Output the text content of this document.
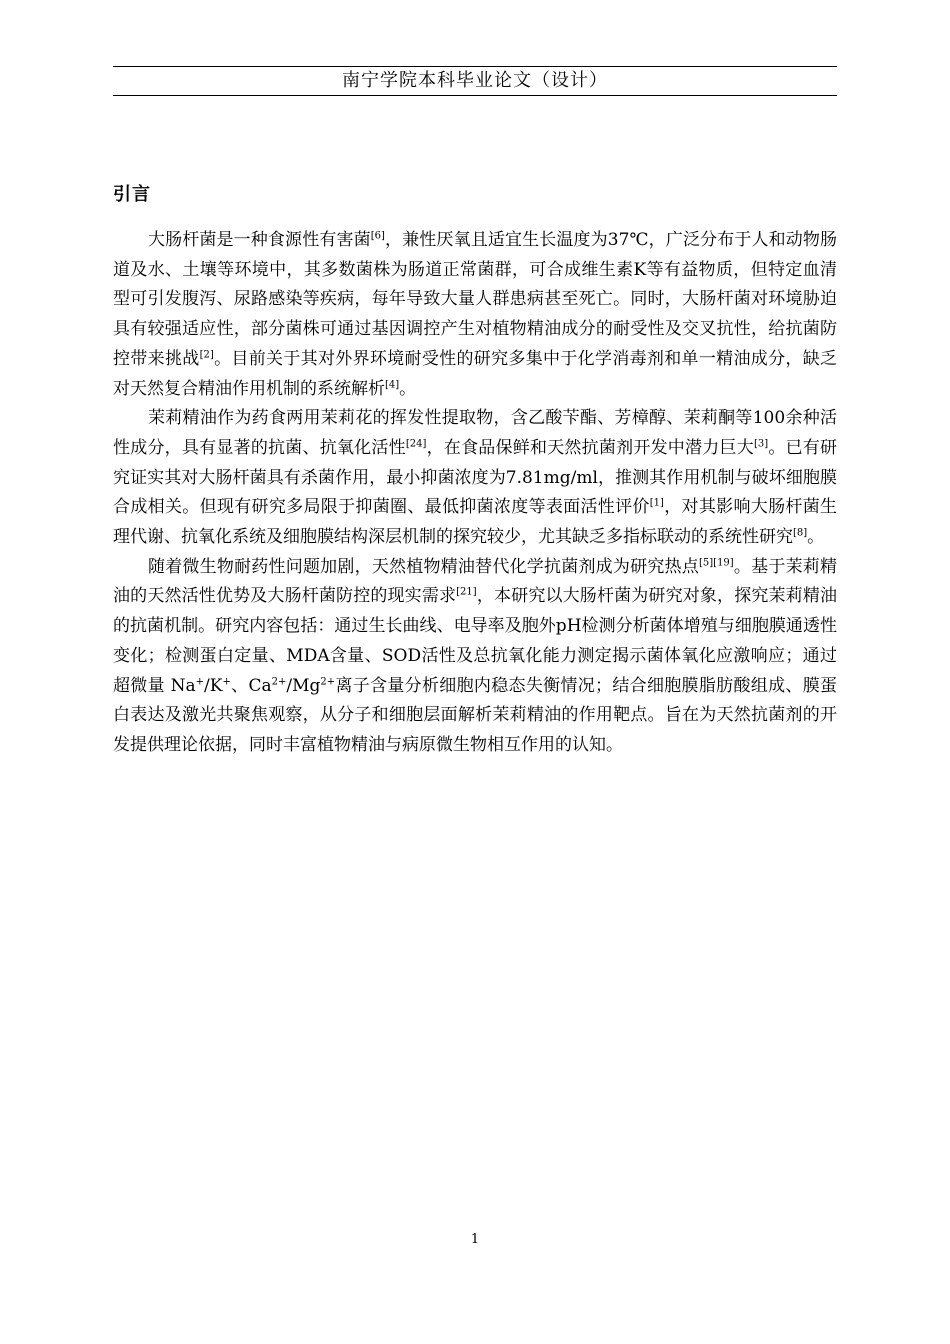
南宁学院本科毕业论文（设计）
引言

大肠杆菌是一种食源性有害菌[6]，兼性厌氧且适宜生长温度为37℃，广泛分布于人和动物肠道及水、土壤等环境中，其多数菌株为肠道正常菌群，可合成维生素K等有益物质，但特定血清型可引发腹泻、尿路感染等疾病，每年导致大量人群患病甚至死亡。同时，大肠杆菌对环境胁迫具有较强适应性，部分菌株可通过基因调控产生对植物精油成分的耐受性及交叉抗性，给抗菌防控带来挑战[2]。目前关于其对外界环境耐受性的研究多集中于化学消毒剂和单一精油成分，缺乏对天然复合精油作用机制的系统解析[4]。

茉莉精油作为药食两用茉莉花的挥发性提取物，含乙酸苄酯、芳樟醇、茉莉酮等100余种活性成分，具有显著的抗菌、抗氧化活性[24]，在食品保鲜和天然抗菌剂开发中潜力巨大[3]。已有研究证实其对大肠杆菌具有杀菌作用，最小抑菌浓度为7.81mg/ml，推测其作用机制与破坏细胞膜合成相关。但现有研究多局限于抑菌圈、最低抑菌浓度等表面活性评价[1]，对其影响大肠杆菌生理代谢、抗氧化系统及细胞膜结构深层机制的探究较少，尤其缺乏多指标联动的系统性研究[8]。

随着微生物耐药性问题加剧，天然植物精油替代化学抗菌剂成为研究热点[5][19]。基于茉莉精油的天然活性优势及大肠杆菌防控的现实需求[21]，本研究以大肠杆菌为研究对象，探究茉莉精油的抗菌机制。研究内容包括：通过生长曲线、电导率及胞外pH检测分析菌体增殖与细胞膜通透性变化；检测蛋白定量、MDA含量、SOD活性及总抗氧化能力测定揭示菌体氧化应激响应；通过超微量 Na+/K+、$Ca^{2+}/Mg^{2+}$离子含量分析细胞内稳态失衡情况；结合细胞膜脂肪酸组成、膜蛋白表达及激光共聚焦观察，从分子和细胞层面解析茉莉精油的作用靶点。旨在为天然抗菌剂的开发提供理论依据，同时丰富植物精油与病原微生物相互作用的认知。

1
